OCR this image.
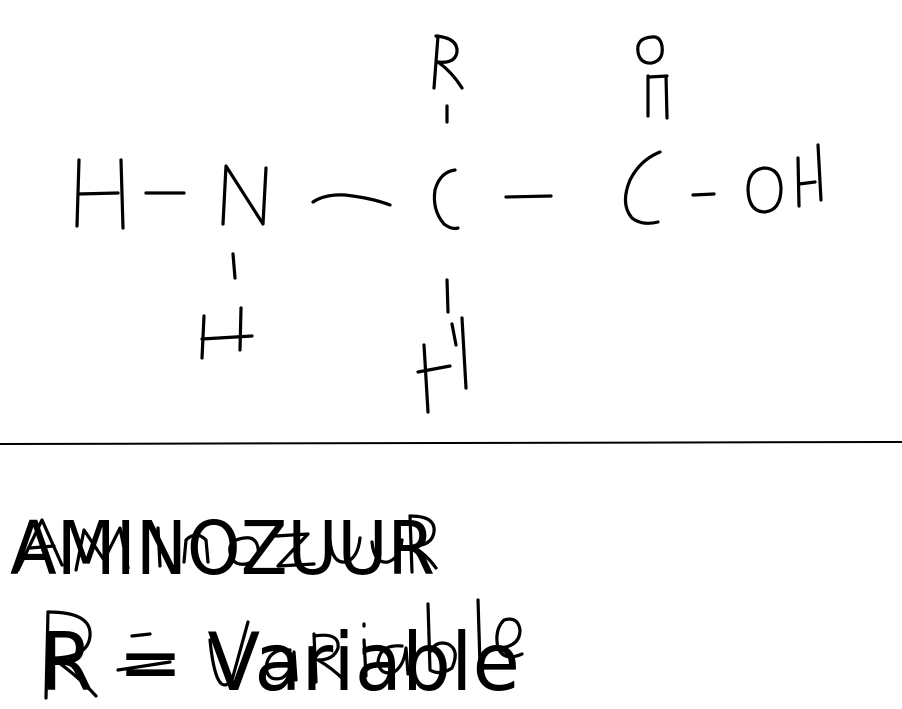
AMINOZUUR
R = Variable
